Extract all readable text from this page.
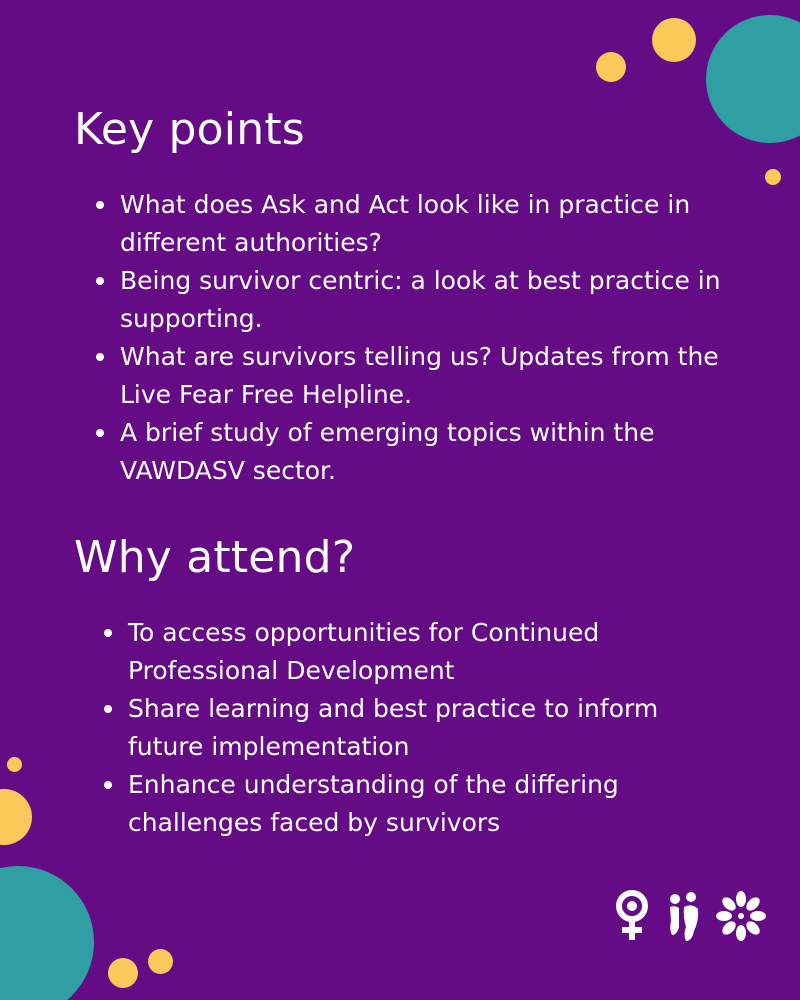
Key points
What does Ask and Act look like in practice in different authorities?
Being survivor centric: a look at best practice in supporting.
What are survivors telling us? Updates from the Live Fear Free Helpline.
A brief study of emerging topics within the VAWDASV sector.
Why attend?
To access opportunities for Continued Professional Development
Share learning and best practice to inform future implementation
Enhance understanding of the differing challenges faced by survivors
